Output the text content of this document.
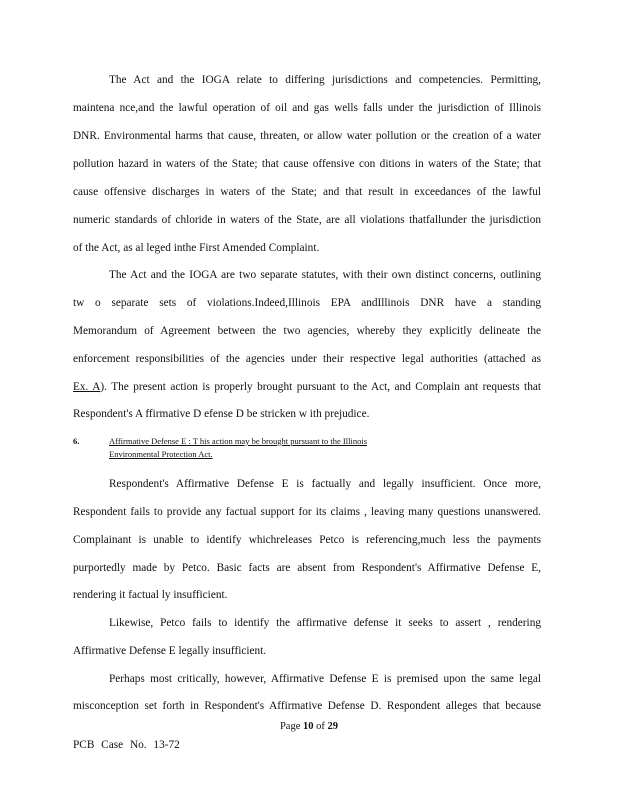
The Act and the IOGA relate to differing jurisdictions and competencies. Permitting,
maintena nce,and the lawful operation of oil and gas wells falls under the jurisdiction of Illinois
DNR. Environmental harms that cause, threaten, or allow water pollution or the creation of a water
pollution hazard in waters of the State; that cause offensive con ditions in waters of the State; that
cause offensive discharges in waters of the State; and that result in exceedances of the lawful
numeric standards of chloride in waters of the State, are all violations thatfallunder the jurisdiction
of the Act, as al leged inthe First Amended Complaint.
The Act and the IOGA are two separate statutes, with their own distinct concerns, outlining
tw o separate sets of violations.Indeed,Illinois EPA andIllinois DNR have a standing
Memorandum of Agreement between the two agencies, whereby they explicitly delineate the
enforcement responsibilities of the agencies under their respective legal authorities (attached as
Ex. A). The present action is properly brought pursuant to the Act, and Complain ant requests that
Respondent's A ffirmative D efense D be stricken w ith prejudice.
6.	Affirmative Defense E : T his action may be brought pursuant to the Illinois
Environmental Protection Act.
Respondent's Affirmative Defense E is factually and legally insufficient. Once more,
Respondent fails to provide any factual support for its claims , leaving many questions unanswered.
Complainant is unable to identify whichreleases Petco is referencing,much less the payments
purportedly made by Petco. Basic facts are absent from Respondent's Affirmative Defense E,
rendering it factual ly insufficient.
Likewise, Petco fails to identify the affirmative defense it seeks to assert , rendering
Affirmative Defense E legally insufficient.
Perhaps most critically, however, Affirmative Defense E is premised upon the same legal
misconception set forth in Respondent's Affirmative Defense D. Respondent alleges that because
Page 10 of 29
PCB Case No. 13-72
